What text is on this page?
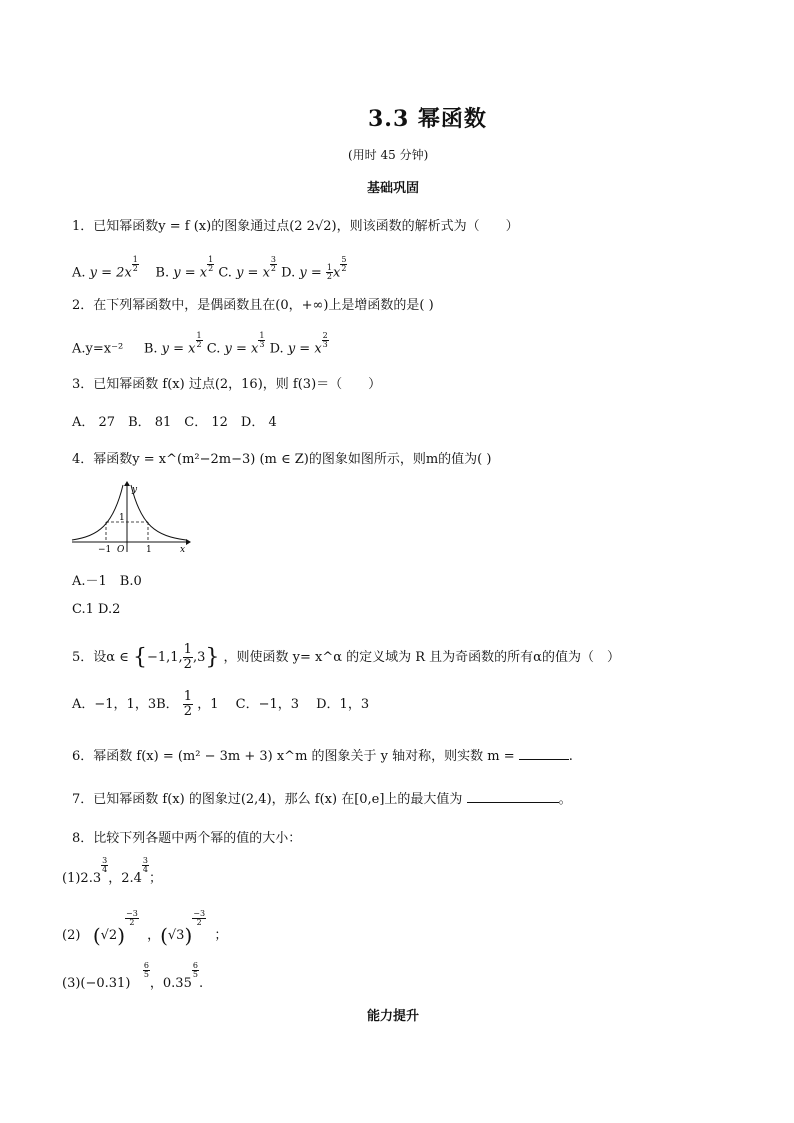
3.3 幂函数
(用时 45 分钟)
基础巩固
1．已知幂函数y = f (x)的图象通过点(2 2√2)，则该函数的解析式为（　　）
A. $y = 2x \frac{1}{2} B$. y = x $\frac{1}{2} C$. y = x $\frac{3}{2} D$. $y = \frac{1}{2}$ x $\frac{5}{2}$
2．在下列幂函数中，是偶函数且在(0，+∞)上是增函数的是( )
A.y=x⁻² B. y = x $\frac{1}{2} C$. y = x $\frac{1}{3} D$. y = x $\frac{2}{3}$
3．已知幂函数 f(x) 过点(2，16)，则 f(3)＝（　　）
A． 27　B． 81　C． 12　D． 4
4．幂函数y = x^(m²−2m−3) (m ∈ Z)的图象如图所示，则m的值为( )
y
x
O
−1	1
1
A.－1　B.0
C.1 D.2
5．设α ∈ {−1,1, $\frac{1}{2},3$} ，则使函数 y= x^α 的定义域为 R 且为奇函数的所有α的值为（　）
A．−1，1，3B． $\frac{1}{2}$ ，1　 C．−1，3　 D．1，3
6．幂函数 f(x) = (m² − 3m + 3) x^m 的图象关于 y 轴对称，则实数 m =	.
7．已知幂函数 f(x) 的图象过(2,4)，那么 f(x) 在[0,e]上的最大值为	。
8．比较下列各题中两个幂的值的大小：
(1)2.3
$\frac{3}{4}$
，2.4
$\frac{3}{4}$
；
(2) (√2)
$\frac{-3}{2}$
，(√3)
$\frac{-3}{2}$
；
(3)(−0.31)
$\frac{6}{5}$
，0.35
$\frac{6}{5}$
.
能力提升
